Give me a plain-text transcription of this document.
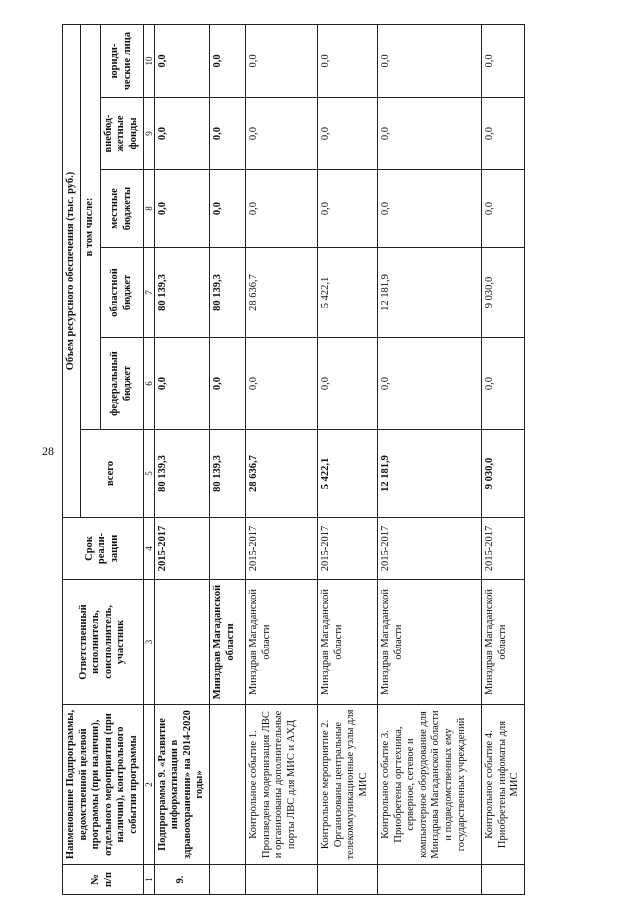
28
№ п/п	Наименование Подпрограммы, ведомственной целевой программы (при наличии), отдельного мероприятия (при наличии), контрольного события программы	Ответственный исполнитель, соисполнитель, участник	Срок реали-зации	Объем ресурсного обеспечения (тыс. руб.)					
				всего	в том числе:				
					федеральный бюджет	областной бюджет	местные бюджеты	внебюд-жетные фонды	юриди-ческие лица
1	2	3	4	5	6	7	8	9	10
9.	Подпрограмма 9. «Развитие информатизации в здравоохранении» на 2014-2020 годы»		2015-2017	80 139,3	0,0	80 139,3	0,0	0,0	0,0
		Минздрав Магаданской области		80 139,3	0,0	80 139,3	0,0	0,0	0,0
	Контрольное событие 1. Произведена модернизация ЛВС и организованы дополнительные порты ЛВС для МИС и АХД	Минздрав Магаданской области	2015-2017	28 636,7	0,0	28 636,7	0,0	0,0	0,0
	Контрольное мероприятие 2. Организованы центральные телекоммуникационные узлы для МИС	Минздрав Магаданской области	2015-2017	5 422,1	0,0	5 422,1	0,0	0,0	0,0
	Контрольное событие 3. Приобретены оргтехника, серверное, сетевое и компьютерное оборудование для Минздрава Магаданской области и подведомственных ему государственных учреждений	Минздрав Магаданской области	2015-2017	12 181,9	0,0	12 181,9	0,0	0,0	0,0
	Контрольное событие 4. Приобретены инфоматы для МИС	Минздрав Магаданской области	2015-2017	9 030,0	0,0	9 030,0	0,0	0,0	0,0
